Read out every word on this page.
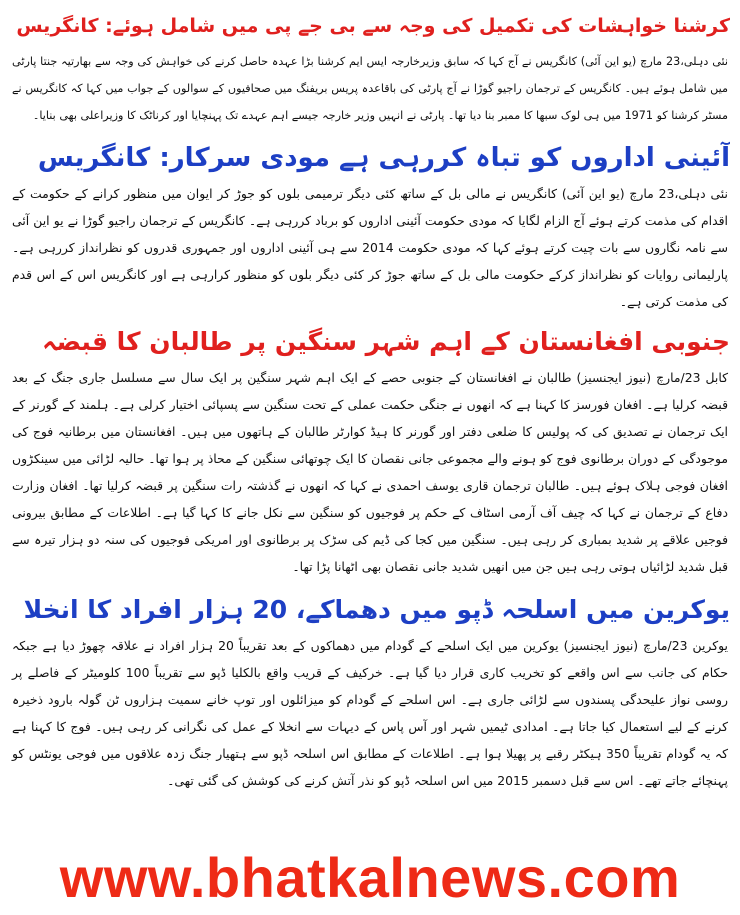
کرشنا خواہشات کی تکمیل کی وجہ سے بی جے پی میں شامل ہوئے: کانگریس

نئی دہلی،23 مارچ (یو این آئی) کانگریس نے آج کہا کہ سابق وزیرخارجہ ایس ایم کرشنا بڑا عہدہ حاصل کرنے کی خواہش کی وجہ سے بھارتیہ جنتا پارٹی میں شامل ہوئے ہیں۔ کانگریس کے ترجمان راجیو گوڑا نے آج پارٹی کی باقاعدہ پریس بریفنگ میں صحافیوں کے سوالوں کے جواب میں کہا کہ کانگریس نے مسٹر کرشنا کو 1971 میں ہی لوک سبھا کا ممبر بنا دیا تھا۔ پارٹی نے انہیں وزیر خارجہ جیسے اہم عہدے تک پہنچایا اور کرناٹک کا وزیراعلی بھی بنایا۔

آئینی اداروں کو تباہ کررہی ہے مودی سرکار: کانگریس

نئی دہلی،23 مارچ (یو این آئی) کانگریس نے مالی بل کے ساتھ کئی دیگر ترمیمی بلوں کو جوڑ کر ایوان میں منظور کرانے کے حکومت کے اقدام کی مذمت کرتے ہوئے آج الزام لگایا کہ مودی حکومت آئینی اداروں کو برباد کررہی ہے۔ کانگریس کے ترجمان راجیو گوڑا نے یو این آئی سے نامہ نگاروں سے بات چیت کرتے ہوئے کہا کہ مودی حکومت 2014 سے ہی آئینی اداروں اور جمہوری قدروں کو نظرانداز کررہی ہے۔ پارلیمانی روایات کو نظرانداز کرکے حکومت مالی بل کے ساتھ جوڑ کر کئی دیگر بلوں کو منظور کرارہی ہے اور کانگریس اس کے اس قدم کی مذمت کرتی ہے۔

جنوبی افغانستان کے اہم شہر سنگین پر طالبان کا قبضہ

کابل 23/مارچ (نیوز ایجنسیز) طالبان نے افغانستان کے جنوبی حصے کے ایک اہم شہر سنگین پر ایک سال سے مسلسل جاری جنگ کے بعد قبضہ کرلیا ہے۔ افغان فورسز کا کہنا ہے کہ انھوں نے جنگی حکمت عملی کے تحت سنگین سے پسپائی اختیار کرلی ہے۔ ہلمند کے گورنر کے ایک ترجمان نے تصدیق کی کہ پولیس کا ضلعی دفتر اور گورنر کا ہیڈ کوارٹر طالبان کے ہاتھوں میں ہیں۔ افغانستان میں برطانیہ فوج کی موجودگی کے دوران برطانوی فوج کو ہونے والے مجموعی جانی نقصان کا ایک چوتھائی سنگین کے محاذ پر ہوا تھا۔ حالیہ لڑائی میں سینکڑوں افغان فوجی ہلاک ہوئے ہیں۔ طالبان ترجمان قاری یوسف احمدی نے کہا کہ انھوں نے گذشتہ رات سنگین پر قبضہ کرلیا تھا۔ افغان وزارت دفاع کے ترجمان نے کہا کہ چیف آف آرمی اسٹاف کے حکم پر فوجیوں کو سنگین سے نکل جانے کا کہا گیا ہے۔ اطلاعات کے مطابق بیرونی فوجیں علاقے پر شدید بمباری کر رہی ہیں۔ سنگین میں کجا کی ڈیم کی سڑک پر برطانوی اور امریکی فوجیوں کی سنہ دو ہزار تیرہ سے قبل شدید لڑائیاں ہوتی رہی ہیں جن میں انھیں شدید جانی نقصان بھی اٹھانا پڑا تھا۔

یوکرین میں اسلحہ ڈپو میں دھماکے، 20 ہزار افراد کا انخلا

یوکرین 23/مارچ (نیوز ایجنسیز) یوکرین میں ایک اسلحے کے گودام میں دھماکوں کے بعد تقریباً 20 ہزار افراد نے علاقہ چھوڑ دیا ہے جبکہ حکام کی جانب سے اس واقعے کو تخریب کاری قرار دیا گیا ہے۔ خرکیف کے قریب واقع بالکلیا ڈپو سے تقریباً 100 کلومیٹر کے فاصلے پر روسی نواز علیحدگی پسندوں سے لڑائی جاری ہے۔ اس اسلحے کے گودام کو میزائلوں اور توپ خانے سمیت ہزاروں ٹن گولہ بارود ذخیرہ کرنے کے لیے استعمال کیا جاتا ہے۔ امدادی ٹیمیں شہر اور آس پاس کے دیہات سے انخلا کے عمل کی نگرانی کر رہی ہیں۔ فوج کا کہنا ہے کہ یہ گودام تقریباً 350 ہیکٹر رقبے پر پھیلا ہوا ہے۔ اطلاعات کے مطابق اس اسلحہ ڈپو سے ہتھیار جنگ زدہ علاقوں میں فوجی یونٹس کو پہنچائے جاتے تھے۔ اس سے قبل دسمبر 2015 میں اس اسلحہ ڈپو کو نذر آتش کرنے کی کوشش کی گئی تھی۔

www.bhatkalnews.com
